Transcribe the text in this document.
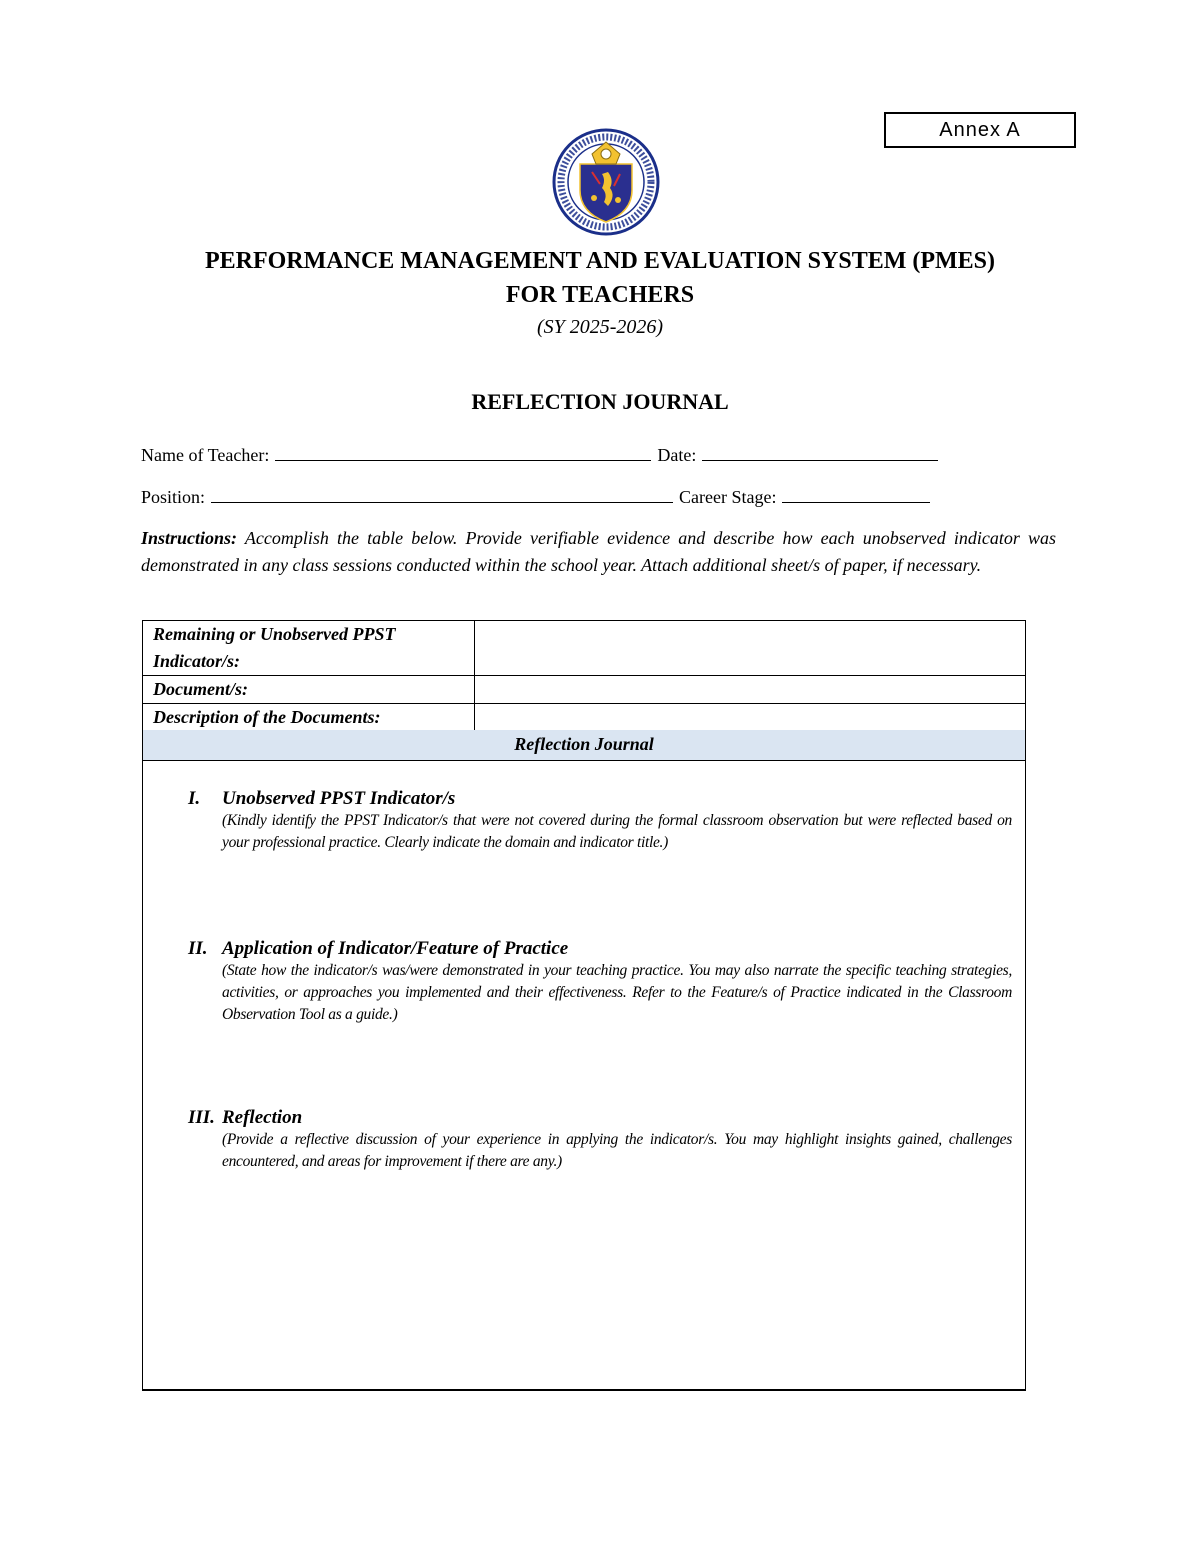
Annex A
PERFORMANCE MANAGEMENT AND EVALUATION SYSTEM (PMES)
FOR TEACHERS
(SY 2025-2026)
REFLECTION JOURNAL
Name of Teacher:	Date:
Position:	Career Stage:
Instructions: Accomplish the table below. Provide verifiable evidence and describe how each unobserved indicator was demonstrated in any class sessions conducted within the school year. Attach additional sheet/s of paper, if necessary.
Remaining or Unobserved PPST Indicator/s:	
Document/s:	
Description of the Documents:	
Reflection Journal
I.	Unobserved PPST Indicator/s
(Kindly identify the PPST Indicator/s that were not covered during the formal classroom observation but were reflected based on your professional practice. Clearly indicate the domain and indicator title.)
II. Application of Indicator/Feature of Practice
(State how the indicator/s was/were demonstrated in your teaching practice. You may also narrate the specific teaching strategies, activities, or approaches you implemented and their effectiveness. Refer to the Feature/s of Practice indicated in the Classroom Observation Tool as a guide.)
III. Reflection
(Provide a reflective discussion of your experience in applying the indicator/s. You may highlight insights gained, challenges encountered, and areas for improvement if there are any.)
